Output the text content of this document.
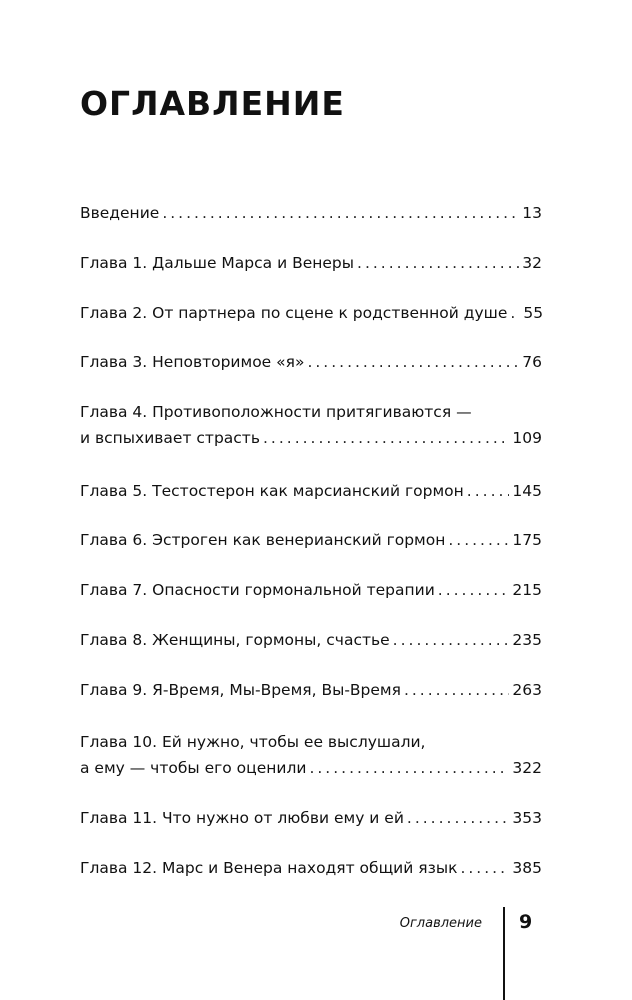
ОГЛАВЛЕНИЕ
Введение .....	13
Глава 1. Дальше Марса и Венеры .....	32
Глава 2. От партнера по сцене к родственной душе ..... 55
Глава 3. Неповторимое «я» .....	76
Глава 4. Противоположности притягиваются —
и вспыхивает страсть .....	109
Глава 5. Тестостерон как марсианский гормон .....	145
Глава 6. Эстроген как венерианский гормон .....	175
Глава 7. Опасности гормональной терапии .....	215
Глава 8. Женщины, гормоны, счастье .....	235
Глава 9. Я-Время, Мы-Время, Вы-Время .....	263
Глава 10. Ей нужно, чтобы ее выслушали,
а ему — чтобы его оценили .....	322
Глава 11. Что нужно от любви ему и ей .....	353
Глава 12. Марс и Венера находят общий язык .....	385
Оглавление 9
